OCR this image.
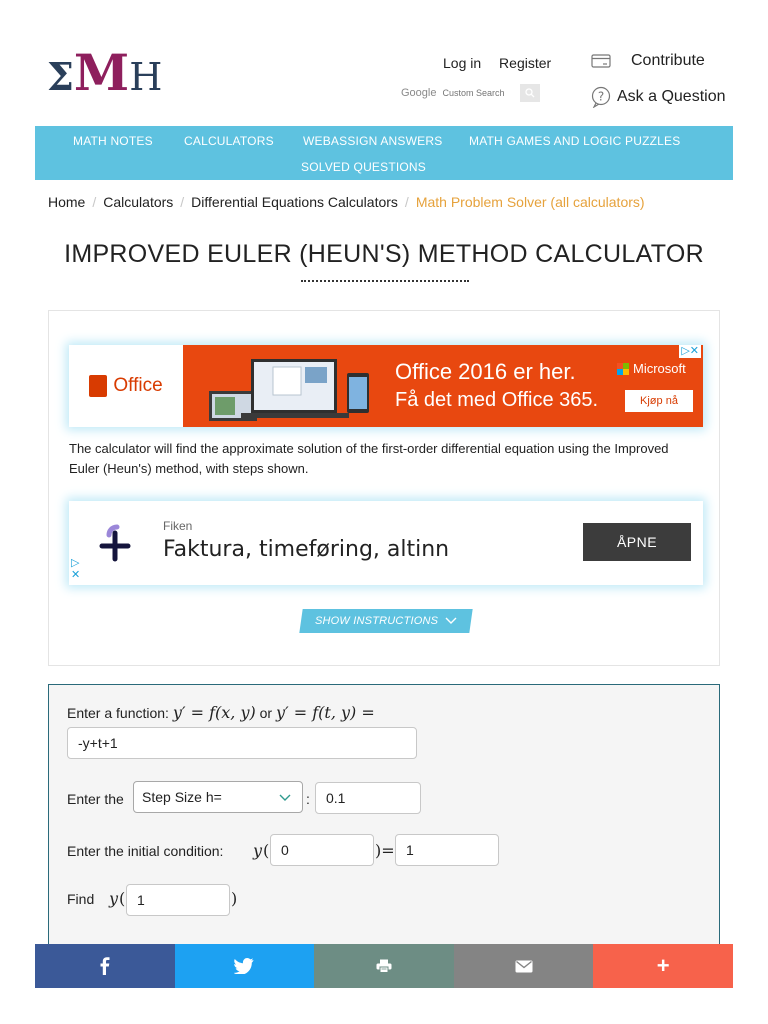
Σ M H	Log in Register
Google
Custom Search
Contribute
? Ask a Question
MATH NOTES	CALCULATORS WEBASSIGN ANSWERS MATH GAMES AND LOGIC PUZZLES
SOLVED QUESTIONS
Home / Calculators / Differential Equations Calculators / Math Problem Solver (all calculators)
IMPROVED EULER (HEUN'S) METHOD CALCULATOR
Office
Office 2016 er her.
Få det med Office 365.
Microsoft
Kjøp nå
▷✕

The calculator will find the approximate solution of the first-order differential equation using the Improved Euler (Heun's) method, with steps shown.

Fiken
Faktura, timeføring, altinn	ÅPNE
▷
✕
SHOW INSTRUCTIONS
Enter a function: y′ = f(x, y) or y′ = f(t, y) =
-y+t+1
Enter the Step Size h=	:
0.1
Enter the initial condition: y (
0	)=
1
Find y (
1	)
+
